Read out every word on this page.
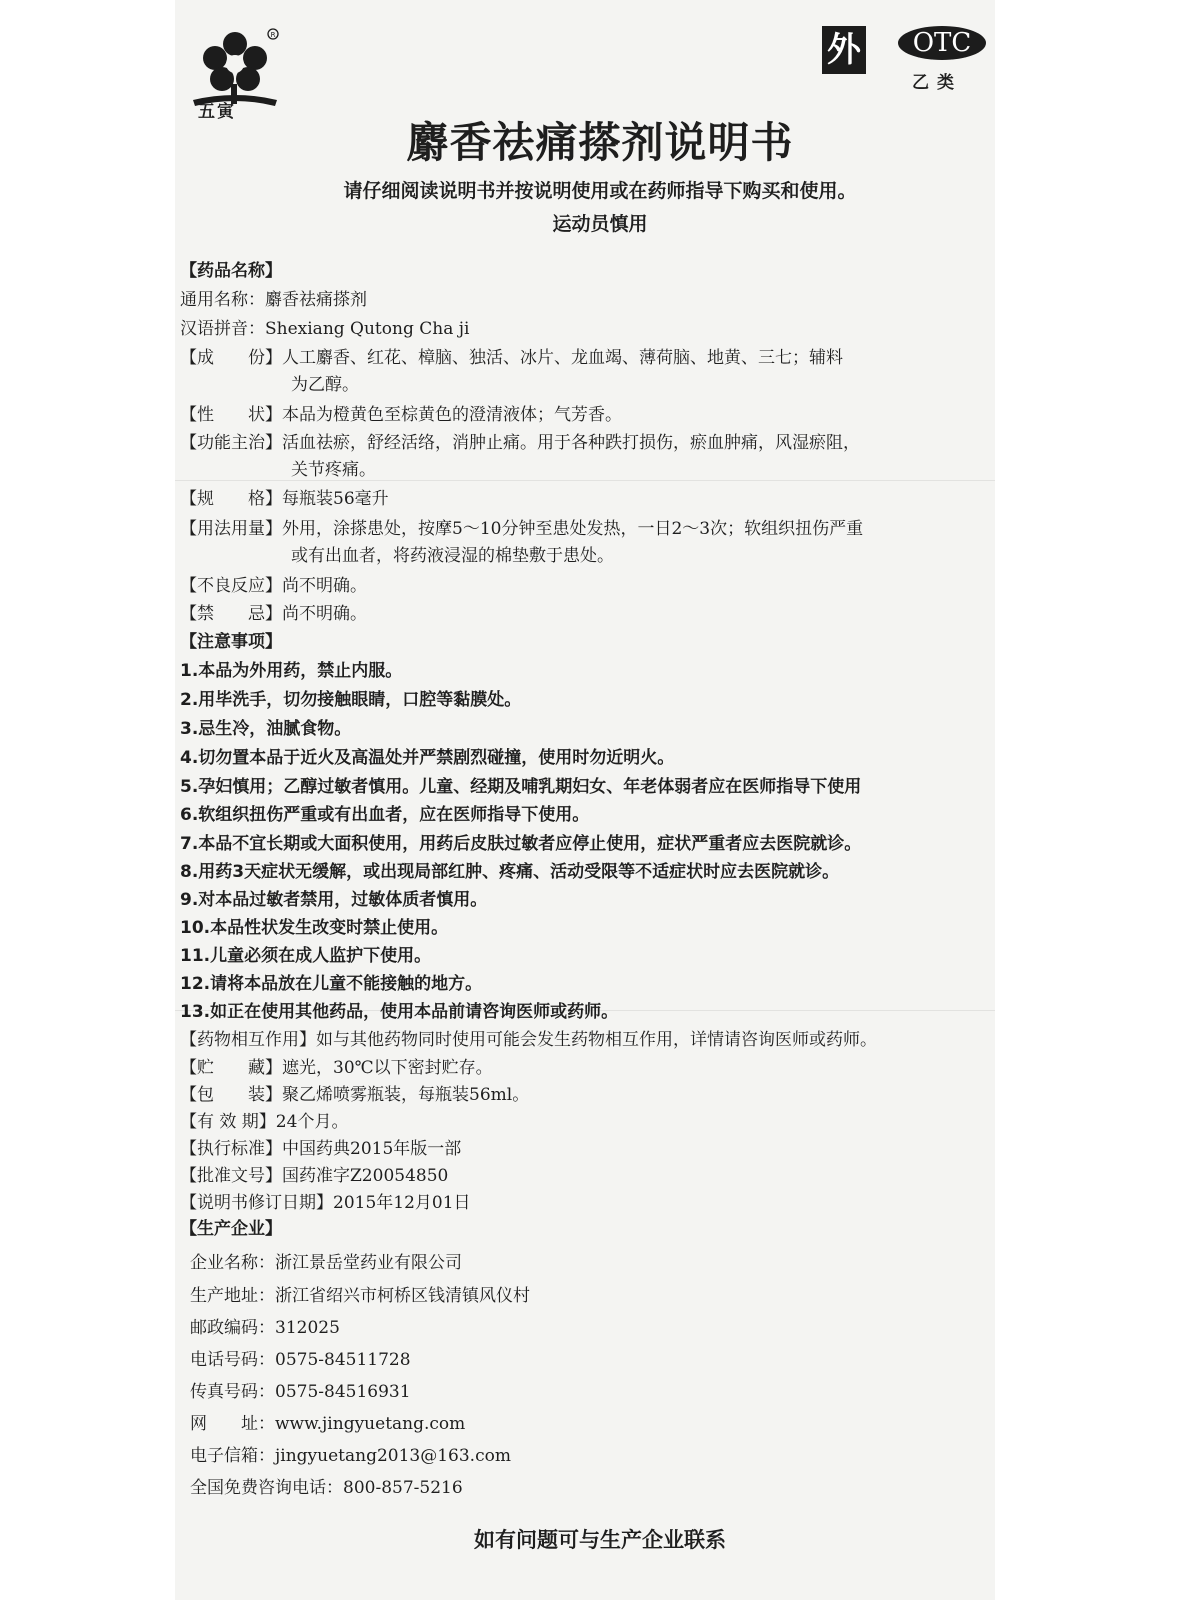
R
五寅
外	OTC
乙类
麝香祛痛搽剂说明书
请仔细阅读说明书并按说明使用或在药师指导下购买和使用。
运动员慎用
【药品名称】
通用名称：麝香祛痛搽剂
汉语拼音：Shexiang Qutong Cha ji
【成　　份】人工麝香、红花、樟脑、独活、冰片、龙血竭、薄荷脑、地黄、三七；辅料
为乙醇。
【性　　状】本品为橙黄色至棕黄色的澄清液体；气芳香。
【功能主治】活血祛瘀，舒经活络，消肿止痛。用于各种跌打损伤，瘀血肿痛，风湿瘀阻，
关节疼痛。
【规　　格】每瓶装56毫升
【用法用量】外用，涂搽患处，按摩5～10分钟至患处发热，一日2～3次；软组织扭伤严重
或有出血者，将药液浸湿的棉垫敷于患处。
【不良反应】尚不明确。
【禁　　忌】尚不明确。
【注意事项】
1.本品为外用药，禁止内服。
2.用毕洗手，切勿接触眼睛，口腔等黏膜处。
3.忌生冷，油腻食物。
4.切勿置本品于近火及高温处并严禁剧烈碰撞，使用时勿近明火。
5.孕妇慎用；乙醇过敏者慎用。儿童、经期及哺乳期妇女、年老体弱者应在医师指导下使用
6.软组织扭伤严重或有出血者，应在医师指导下使用。
7.本品不宜长期或大面积使用，用药后皮肤过敏者应停止使用，症状严重者应去医院就诊。
8.用药3天症状无缓解，或出现局部红肿、疼痛、活动受限等不适症状时应去医院就诊。
9.对本品过敏者禁用，过敏体质者慎用。
10.本品性状发生改变时禁止使用。
11.儿童必须在成人监护下使用。
12.请将本品放在儿童不能接触的地方。
13.如正在使用其他药品，使用本品前请咨询医师或药师。
【药物相互作用】如与其他药物同时使用可能会发生药物相互作用，详情请咨询医师或药师。
【贮　　藏】遮光，30℃以下密封贮存。
【包　　装】聚乙烯喷雾瓶装，每瓶装56ml。
【有 效 期】24个月。
【执行标准】中国药典2015年版一部
【批准文号】国药准字Z20054850
【说明书修订日期】2015年12月01日
【生产企业】
企业名称：浙江景岳堂药业有限公司
生产地址：浙江省绍兴市柯桥区钱清镇风仪村
邮政编码：312025
电话号码：0575-84511728
传真号码：0575-84516931
网　　址：www.jingyuetang.com
电子信箱：jingyuetang2013@163.com
全国免费咨询电话：800-857-5216
如有问题可与生产企业联系
